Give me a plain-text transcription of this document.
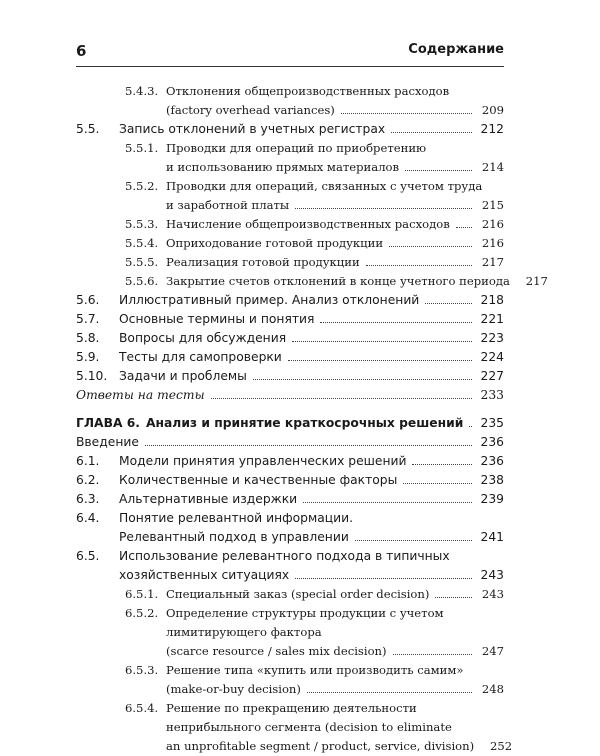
6	Содержание
5.4.3. Отклонения общепроизводственных расходов
(factory overhead variances)	209
5.5. Запись отклонений в учетных регистрах	212
5.5.1. Проводки для операций по приобретению
и использованию прямых материалов	214
5.5.2. Проводки для операций, связанных с учетом труда
и заработной платы	215
5.5.3. Начисление общепроизводственных расходов	216
5.5.4. Оприходование готовой продукции	216
5.5.5. Реализация готовой продукции	217
5.5.6. Закрытие счетов отклонений в конце учетного периода	217
5.6. Иллюстративный пример. Анализ отклонений	218
5.7. Основные термины и понятия	221
5.8. Вопросы для обсуждения	223
5.9. Тесты для самопроверки	224
5.10. Задачи и проблемы	227
Ответы на тесты	233
ГЛАВА 6. Анализ и принятие краткосрочных решений 235
Введение	236
6.1. Модели принятия управленческих решений	236
6.2. Количественные и качественные факторы	238
6.3. Альтернативные издержки	239
6.4. Понятие релевантной информации.
Релевантный подход в управлении	241
6.5. Использование релевантного подхода в типичных
хозяйственных ситуациях	243
6.5.1. Специальный заказ (special order decision)	243
6.5.2. Определение структуры продукции с учетом
лимитирующего фактора
(scarce resource / sales mix decision)	247
6.5.3. Решение типа «купить или производить самим»
(make-or-buy decision)	248
6.5.4. Решение по прекращению деятельности
неприбыльного сегмента (decision to eliminate
an unprofitable segment / product, service, division)	252
